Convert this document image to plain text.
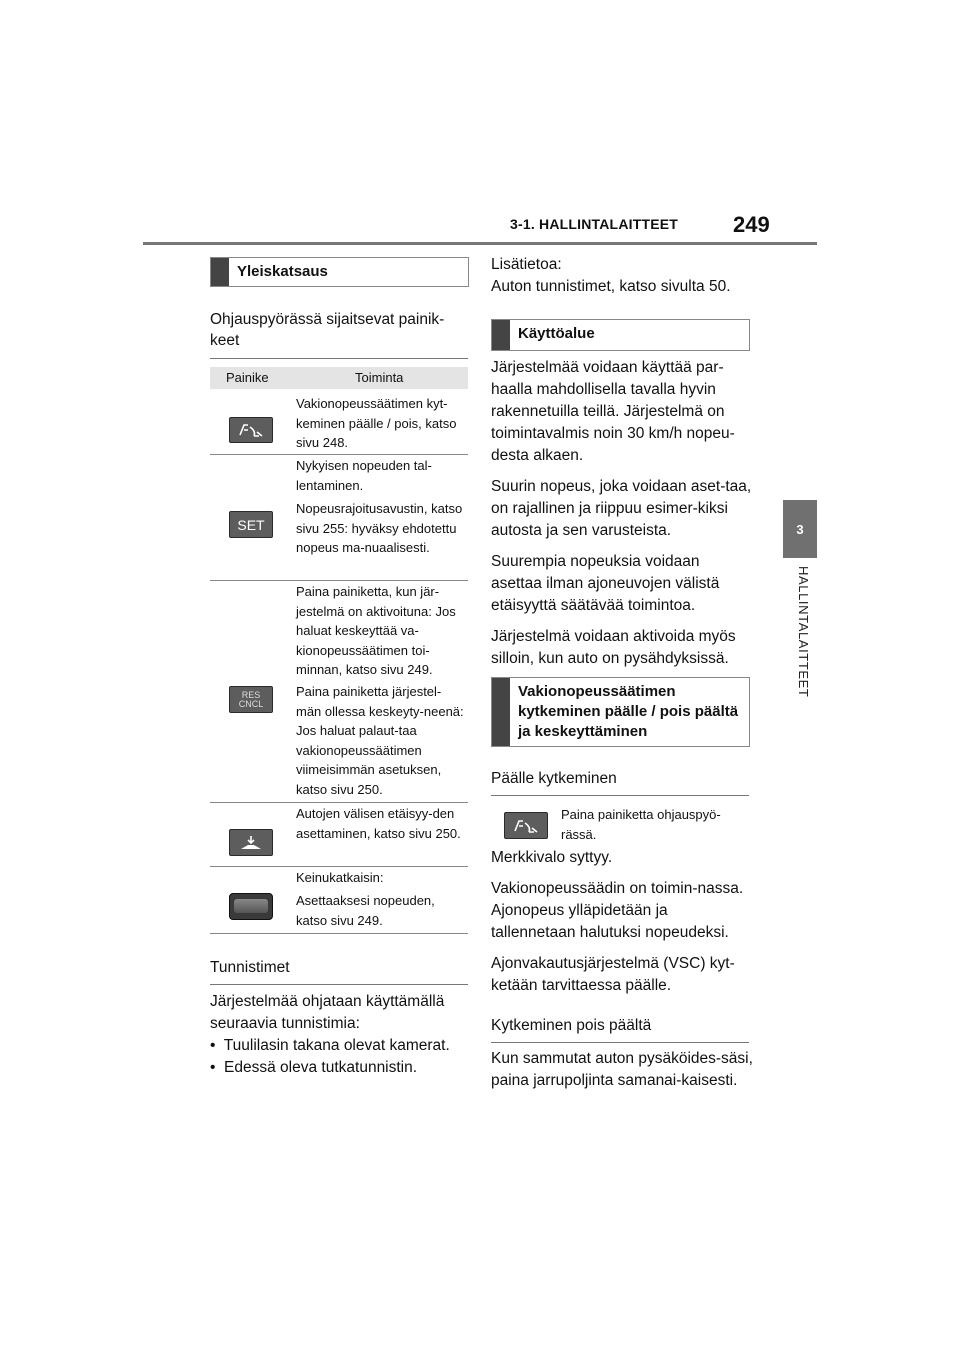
3-1. HALLINTALAITTEET 249
3
HALLINTALAITTEET
Yleiskatsaus
Ohjauspyörässä sijaitsevat painik-keet
Painike	Toiminta
Vakionopeussäätimen kyt-keminen päälle / pois, katso sivu 248.
SET
Nykyisen nopeuden tal-lentaminen.
Nopeusrajoitusavustin, katso sivu 255: hyväksy ehdotettu nopeus ma-nuaalisesti.
RES
CNCL
Paina painiketta, kun jär-jestelmä on aktivoituna: Jos haluat keskeyttää va-kionopeussäätimen toi-minnan, katso sivu 249.
Paina painiketta järjestel-män ollessa keskeyty-neenä: Jos haluat palaut-taa vakionopeussäätimen viimeisimmän asetuksen, katso sivu 250.
Autojen välisen etäisyy-den asettaminen, katso sivu 250.
Keinukatkaisin:
Asettaaksesi nopeuden, katso sivu 249.
Tunnistimet
Järjestelmää ohjataan käyttämällä seuraavia tunnistimia:
•  Tuulilasin takana olevat kamerat.
•  Edessä oleva tutkatunnistin.
Lisätietoa:
Auton tunnistimet, katso sivulta 50.
Käyttöalue

Järjestelmää voidaan käyttää par-haalla mahdollisella tavalla hyvin rakennetuilla teillä. Järjestelmä on toimintavalmis noin 30 km/h nopeu-desta alkaen.

Suurin nopeus, joka voidaan aset-taa, on rajallinen ja riippuu esimer-kiksi autosta ja sen varusteista.

Suurempia nopeuksia voidaan asettaa ilman ajoneuvojen välistä etäisyyttä säätävää toimintoa.

Järjestelmä voidaan aktivoida myös silloin, kun auto on pysähdyksissä.

Vakionopeussäätimen kytkeminen päälle / pois päältä ja keskeyttäminen
Päälle kytkeminen
Paina painiketta ohjauspyö-rässä.

Merkkivalo syttyy.

Vakionopeussäädin on toimin-nassa. Ajonopeus ylläpidetään ja tallennetaan halutuksi nopeudeksi.

Ajonvakautusjärjestelmä (VSC) kyt-ketään tarvittaessa päälle.

Kytkeminen pois päältä
Kun sammutat auton pysäköides-säsi, paina jarrupoljinta samanai-kaisesti.
